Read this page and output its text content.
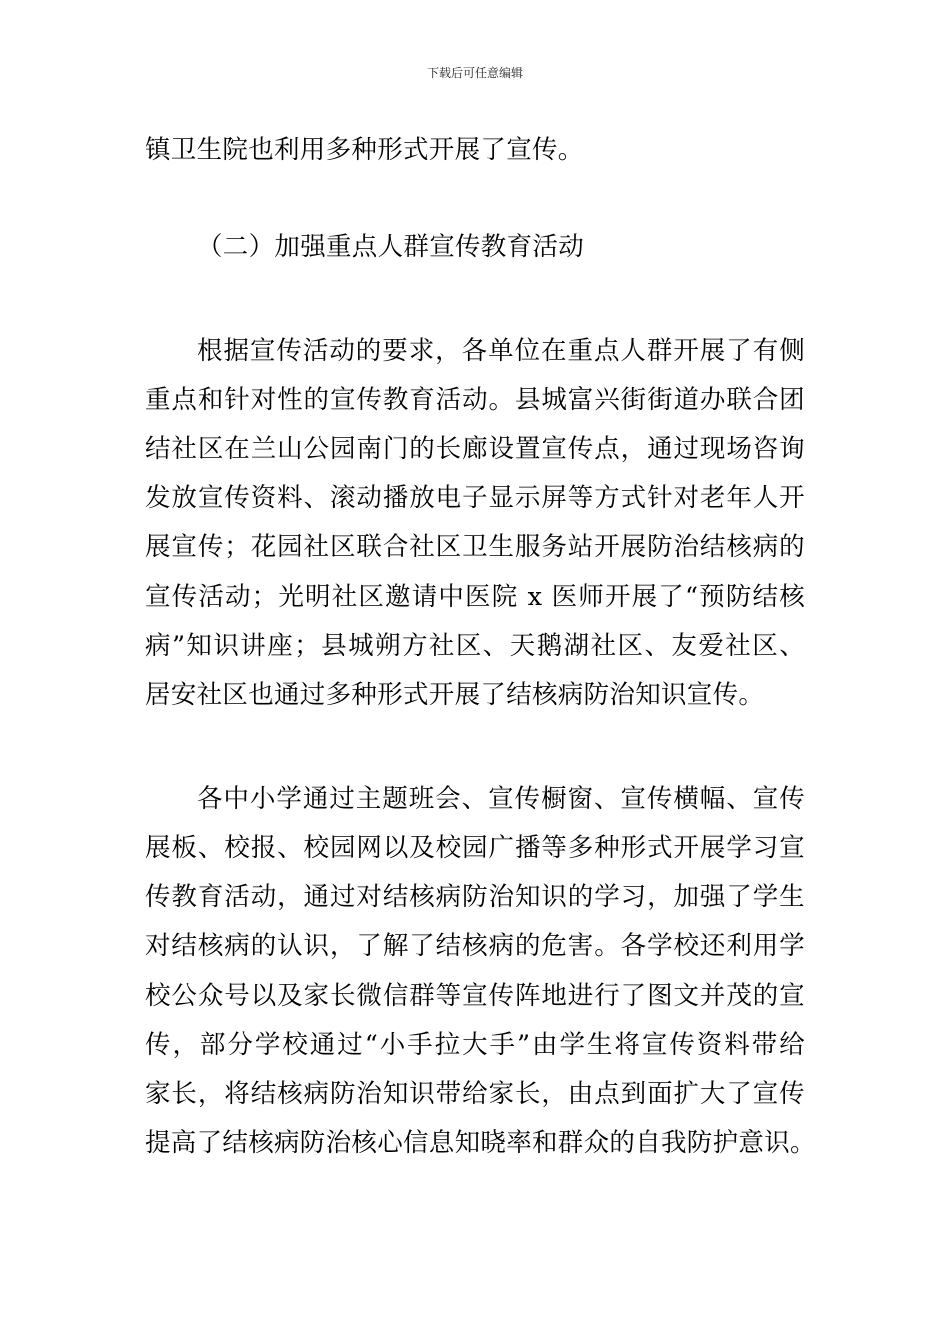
下载后可任意编辑
镇卫生院也利用多种形式开展了宣传。
（二）加强重点人群宣传教育活动
根据宣传活动的要求，各单位在重点人群开展了有侧
重点和针对性的宣传教育活动。县城富兴街街道办联合团
结社区在兰山公园南门的长廊设置宣传点，通过现场咨询
发放宣传资料、滚动播放电子显示屏等方式针对老年人开
展宣传；花园社区联合社区卫生服务站开展防治结核病的
宣传活动；光明社区邀请中医院 x 医师开展了“预防结核
病”知识讲座；县城朔方社区、天鹅湖社区、友爱社区、
居安社区也通过多种形式开展了结核病防治知识宣传。
各中小学通过主题班会、宣传橱窗、宣传横幅、宣传
展板、校报、校园网以及校园广播等多种形式开展学习宣
传教育活动，通过对结核病防治知识的学习，加强了学生
对结核病的认识，了解了结核病的危害。各学校还利用学
校公众号以及家长微信群等宣传阵地进行了图文并茂的宣
传，部分学校通过“小手拉大手”由学生将宣传资料带给
家长，将结核病防治知识带给家长，由点到面扩大了宣传
提高了结核病防治核心信息知晓率和群众的自我防护意识。
